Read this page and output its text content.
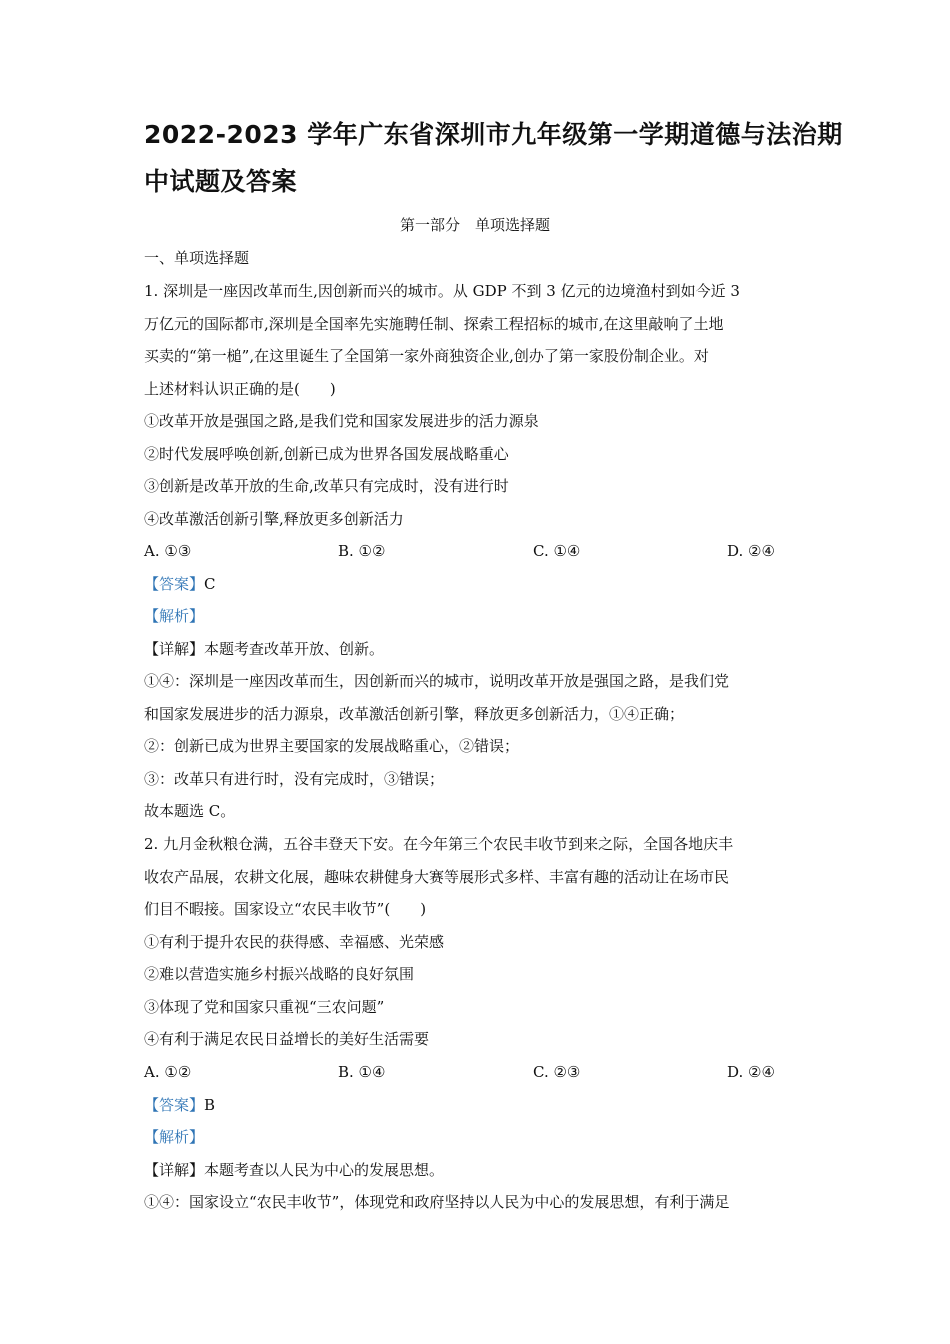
2022-2023 学年广东省深圳市九年级第一学期道德与法治期
中试题及答案
第一部分　单项选择题
一、单项选择题
1. 深圳是一座因改革而生,因创新而兴的城市。从 GDP 不到 3 亿元的边境渔村到如今近 3
万亿元的国际都市,深圳是全国率先实施聘任制、探索工程招标的城市,在这里敲响了土地
买卖的“第一槌”,在这里诞生了全国第一家外商独资企业,创办了第一家股份制企业。对
上述材料认识正确的是(　　)
①改革开放是强国之路,是我们党和国家发展进步的活力源泉
②时代发展呼唤创新,创新已成为世界各国发展战略重心
③创新是改革开放的生命,改革只有完成时，没有进行时
④改革激活创新引擎,释放更多创新活力
A. ①③	B. ①②	C. ①④	D. ②④
【答案】C
【解析】
【详解】本题考查改革开放、创新。
①④：深圳是一座因改革而生，因创新而兴的城市，说明改革开放是强国之路，是我们党
和国家发展进步的活力源泉，改革激活创新引擎，释放更多创新活力，①④正确；
②：创新已成为世界主要国家的发展战略重心，②错误；
③：改革只有进行时，没有完成时，③错误；
故本题选 C。
2. 九月金秋粮仓满，五谷丰登天下安。在今年第三个农民丰收节到来之际，全国各地庆丰
收农产品展，农耕文化展，趣味农耕健身大赛等展形式多样、丰富有趣的活动让在场市民
们目不暇接。国家设立“农民丰收节”(　　)
①有利于提升农民的获得感、幸福感、光荣感
②难以营造实施乡村振兴战略的良好氛围
③体现了党和国家只重视“三农问题”
④有利于满足农民日益增长的美好生活需要
A. ①②	B. ①④	C. ②③	D. ②④
【答案】B
【解析】
【详解】本题考查以人民为中心的发展思想。
①④：国家设立“农民丰收节”，体现党和政府坚持以人民为中心的发展思想，有利于满足
